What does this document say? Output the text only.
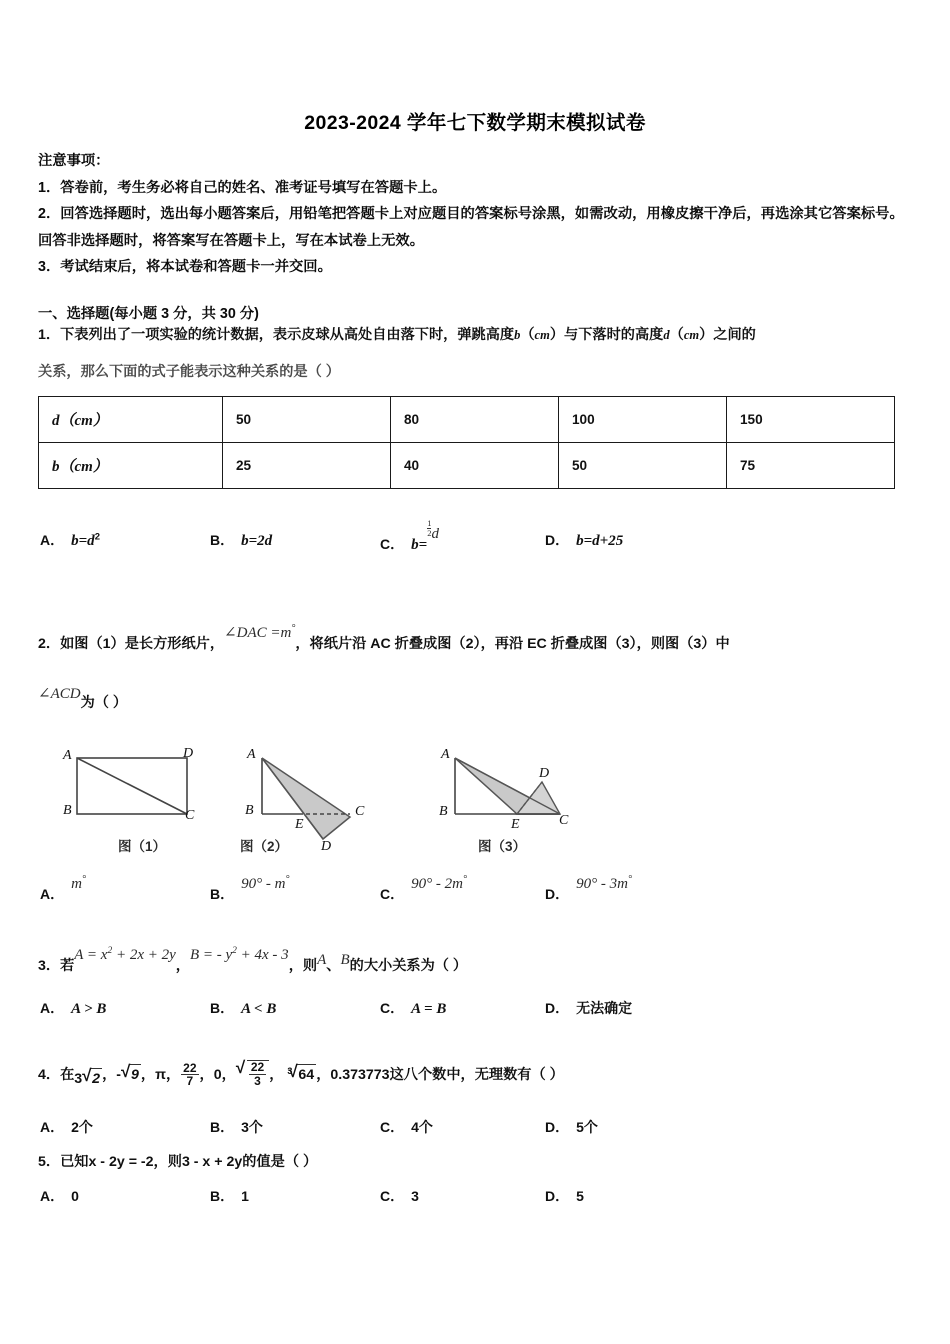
2023-2024 学年七下数学期末模拟试卷
注意事项：
1．答卷前，考生务必将自己的姓名、准考证号填写在答题卡上。
2．回答选择题时，选出每小题答案后，用铅笔把答题卡上对应题目的答案标号涂黑，如需改动，用橡皮擦干净后，再选涂其它答案标号。回答非选择题时，将答案写在答题卡上，写在本试卷上无效。
3．考试结束后，将本试卷和答题卡一并交回。
一、选择题(每小题 3 分，共 30 分)
1．下表列出了一项实验的统计数据，表示皮球从高处自由落下时，弹跳高度b（cm）与下落时的高度d（cm）之间的
关系，那么下面的式子能表示这种关系的是（ ）
d（cm）	50	80	100	150
b（cm）	25	40	50	75
A． $b=d^2$	B． b=2d	C． b=
$\frac{1}{2}$ d	D． b=d+25
2．如图（1）是长方形纸片，∠DAC =m°，将纸片沿 AC 折叠成图（2），再沿 EC 折叠成图（3），则图（3）中
∠ACD为（ ）
A	D
B	C
A
B	C
E
D
A
D
B
E	C
图（1）	图（2）	图（3）
A．m°
B．90° - m°
C．90° - 2m°
D．90° - 3m°
3．若$A = x^2 + 2x + 2y$，B = - $y^2 + 4x - 3$，则A、B的大小关系为（ ）
A． A > B	B． A < B	C． A = B	D． 无法确定
4．在3 √ 2 ，- √ 9 ，π， $\frac{22}{7}$ ，0， √ $\frac{22}{3}$ ， $^3$ √ 64 ，0.373773这八个数中，无理数有（ ）
A． 2个	B． 3个	C． 4个	D． 5个
5．已知x - 2y = -2，则3 - x + 2y的值是（ ）
A． 0	B． 1	C． 3	D． 5
